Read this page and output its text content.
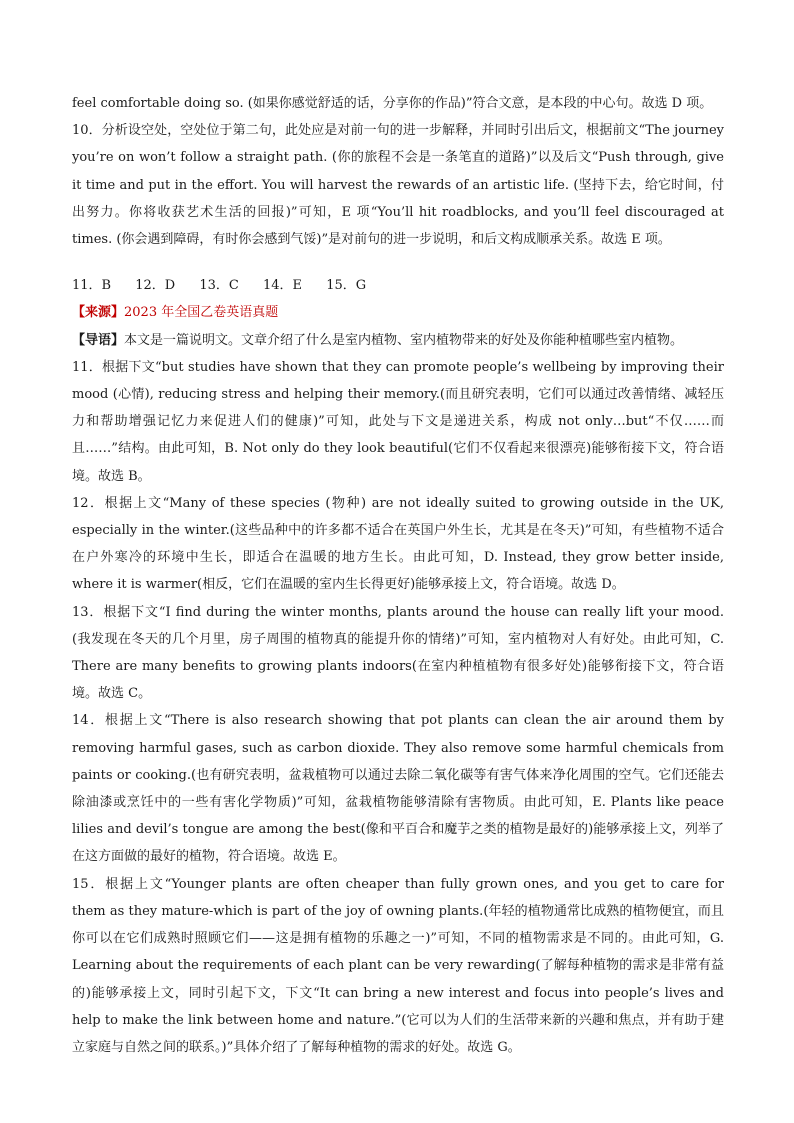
feel comfortable doing so. (如果你感觉舒适的话，分享你的作品)”符合文意，是本段的中心句。故选 D 项。

10．分析设空处，空处位于第二句，此处应是对前一句的进一步解释，并同时引出后文，根据前文“The journey you’re on won’t follow a straight path. (你的旅程不会是一条笔直的道路)”以及后文“Push through, give it time and put in the effort. You will harvest the rewards of an artistic life. (坚持下去，给它时间，付出努力。你将收获艺术生活的回报)”可知，E 项“You’ll hit roadblocks, and you’ll feel discouraged at times. (你会遇到障碍，有时你会感到气馁)”是对前句的进一步说明，和后文构成顺承关系。故选 E 项。

11．B 12．D 13．C 14．E 15．G

【来源】2023 年全国乙卷英语真题

【导语】本文是一篇说明文。文章介绍了什么是室内植物、室内植物带来的好处及你能种植哪些室内植物。

11．根据下文“but studies have shown that they can promote people’s wellbeing by improving their mood (心情), reducing stress and helping their memory.(而且研究表明，它们可以通过改善情绪、减轻压力和帮助增强记忆力来促进人们的健康)”可知，此处与下文是递进关系，构成 not only…but“不仅……而且……”结构。由此可知，B. Not only do they look beautiful(它们不仅看起来很漂亮)能够衔接下文，符合语境。故选 B。

12．根据上文“Many of these species (物种) are not ideally suited to growing outside in the UK, especially in the winter.(这些品种中的许多都不适合在英国户外生长，尤其是在冬天)”可知，有些植物不适合在户外寒冷的环境中生长，即适合在温暖的地方生长。由此可知，D. Instead, they grow better inside, where it is warmer(相反，它们在温暖的室内生长得更好)能够承接上文，符合语境。故选 D。

13．根据下文“I find during the winter months, plants around the house can really lift your mood.(我发现在冬天的几个月里，房子周围的植物真的能提升你的情绪)”可知，室内植物对人有好处。由此可知，C. There are many benefits to growing plants indoors(在室内种植植物有很多好处)能够衔接下文，符合语境。故选 C。

14．根据上文“There is also research showing that pot plants can clean the air around them by removing harmful gases, such as carbon dioxide. They also remove some harmful chemicals from paints or cooking.(也有研究表明，盆栽植物可以通过去除二氧化碳等有害气体来净化周围的空气。它们还能去除油漆或烹饪中的一些有害化学物质)”可知，盆栽植物能够清除有害物质。由此可知，E. Plants like peace lilies and devil’s tongue are among the best(像和平百合和魔芋之类的植物是最好的)能够承接上文，列举了在这方面做的最好的植物，符合语境。故选 E。

15．根据上文“Younger plants are often cheaper than fully grown ones, and you get to care for them as they mature-which is part of the joy of owning plants.(年轻的植物通常比成熟的植物便宜，而且你可以在它们成熟时照顾它们——这是拥有植物的乐趣之一)”可知，不同的植物需求是不同的。由此可知，G. Learning about the requirements of each plant can be very rewarding(了解每种植物的需求是非常有益的)能够承接上文，同时引起下文，下文“It can bring a new interest and focus into people’s lives and help to make the link between home and nature.”(它可以为人们的生活带来新的兴趣和焦点，并有助于建立家庭与自然之间的联系。)”具体介绍了了解每种植物的需求的好处。故选 G。
